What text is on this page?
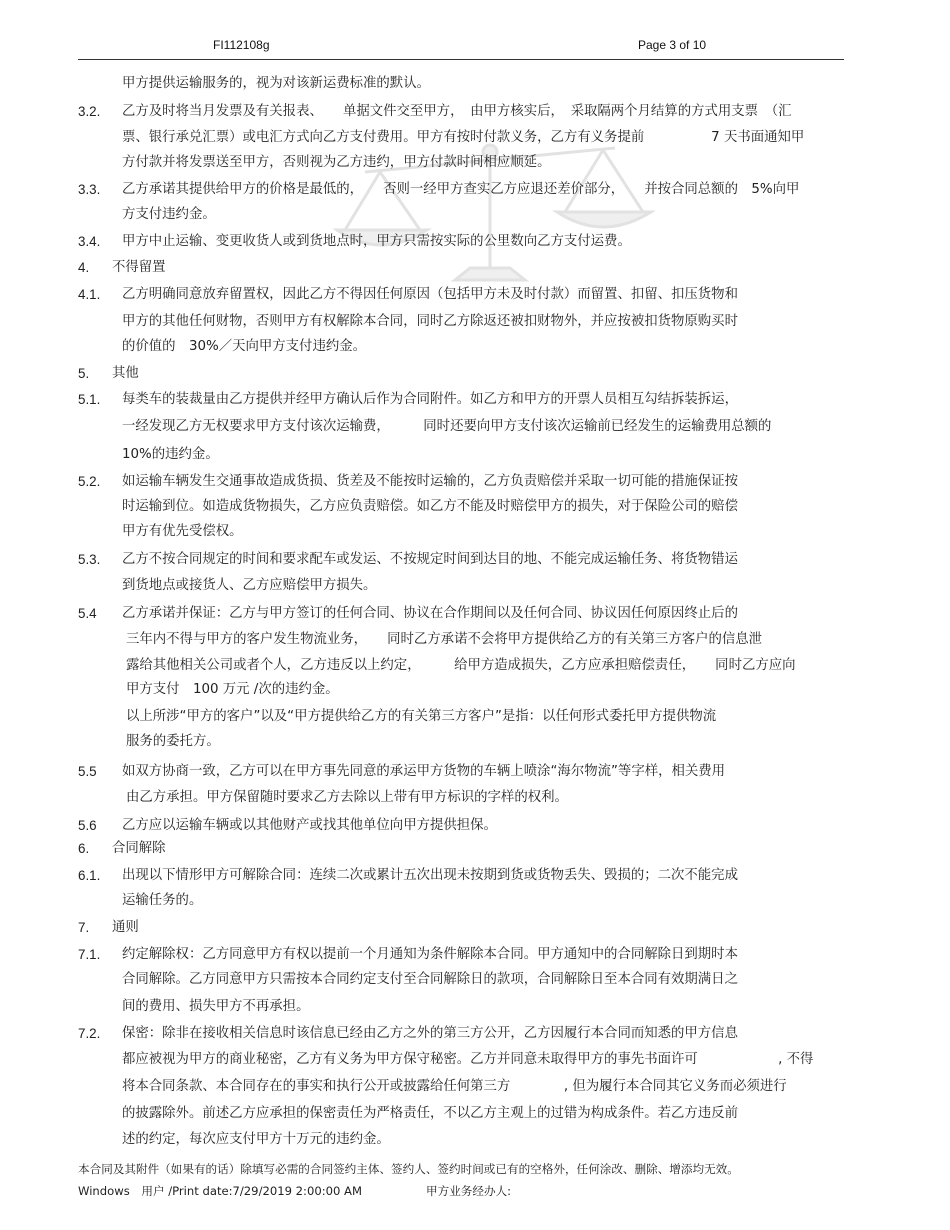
FI112108g	Page 3 of 10
甲方提供运输服务的，视为对该新运费标准的默认。
3.2. 乙方及时将当月发票及有关报表、　　单据文件交至甲方，　由甲方核实后，　采取隔两个月结算的方式用支票　（汇
票、银行承兑汇票）或电汇方式向乙方支付费用。甲方有按时付款义务，乙方有义务提前　　　　　7 天书面通知甲
方付款并将发票送至甲方，否则视为乙方违约，甲方付款时间相应顺延。
3.3. 乙方承诺其提供给甲方的价格是最低的，　　否则一经甲方查实乙方应退还差价部分，　　并按合同总额的　5%向甲
方支付违约金。
3.4. 甲方中止运输、变更收货人或到货地点时，甲方只需按实际的公里数向乙方支付运费。
4. 不得留置
4.1. 乙方明确同意放弃留置权，因此乙方不得因任何原因（包括甲方未及时付款）而留置、扣留、扣压货物和
甲方的其他任何财物，否则甲方有权解除本合同，同时乙方除返还被扣财物外，并应按被扣货物原购买时
的价值的　30%／天向甲方支付违约金。
5. 其他
5.1. 每类车的装裁量由乙方提供并经甲方确认后作为合同附件。如乙方和甲方的开票人员相互勾结拆装拆运，
一经发现乙方无权要求甲方支付该次运输费，　　　同时还要向甲方支付该次运输前已经发生的运输费用总额的
10%的违约金。
5.2. 如运输车辆发生交通事故造成货损、货差及不能按时运输的，乙方负责赔偿并采取一切可能的措施保证按
时运输到位。如造成货物损失，乙方应负责赔偿。如乙方不能及时赔偿甲方的损失，对于保险公司的赔偿
甲方有优先受偿权。
5.3. 乙方不按合同规定的时间和要求配车或发运、不按规定时间到达目的地、不能完成运输任务、将货物错运
到货地点或接货人、乙方应赔偿甲方损失。
5.4 乙方承诺并保证：乙方与甲方签订的任何合同、协议在合作期间以及任何合同、协议因任何原因终止后的
三年内不得与甲方的客户发生物流业务，　　同时乙方承诺不会将甲方提供给乙方的有关第三方客户的信息泄
露给其他相关公司或者个人，乙方违反以上约定，　　　给甲方造成损失，乙方应承担赔偿责任，　　同时乙方应向
甲方支付　100 万元 /次的违约金。
以上所涉“甲方的客户”以及“甲方提供给乙方的有关第三方客户”是指：以任何形式委托甲方提供物流
服务的委托方。
5.5 如双方协商一致，乙方可以在甲方事先同意的承运甲方货物的车辆上喷涂“海尔物流”等字样，相关费用
由乙方承担。甲方保留随时要求乙方去除以上带有甲方标识的字样的权利。
5.6 乙方应以运输车辆或以其他财产或找其他单位向甲方提供担保。
6. 合同解除
6.1. 出现以下情形甲方可解除合同：连续二次或累计五次出现未按期到货或货物丢失、毁损的；二次不能完成
运输任务的。
7. 通则
7.1. 约定解除权：乙方同意甲方有权以提前一个月通知为条件解除本合同。甲方通知中的合同解除日到期时本
合同解除。乙方同意甲方只需按本合同约定支付至合同解除日的款项，合同解除日至本合同有效期满日之
间的费用、损失甲方不再承担。
7.2. 保密：除非在接收相关信息时该信息已经由乙方之外的第三方公开，乙方因履行本合同而知悉的甲方信息
都应被视为甲方的商业秘密，乙方有义务为甲方保守秘密。乙方并同意未取得甲方的事先书面许可　　　　　　, 不得
将本合同条款、本合同存在的事实和执行公开或披露给任何第三方　　　　, 但为履行本合同其它义务而必须进行
的披露除外。前述乙方应承担的保密责任为严格责任，不以乙方主观上的过错为构成条件。若乙方违反前
述的约定，每次应支付甲方十万元的违约金。
本合同及其附件（如果有的话）除填写必需的合同签约主体、签约人、签约时间或已有的空格外，任何涂改、删除、增添均无效。
Windows　用户 /Print date:7/29/2019 2:00:00 AM	甲方业务经办人:
